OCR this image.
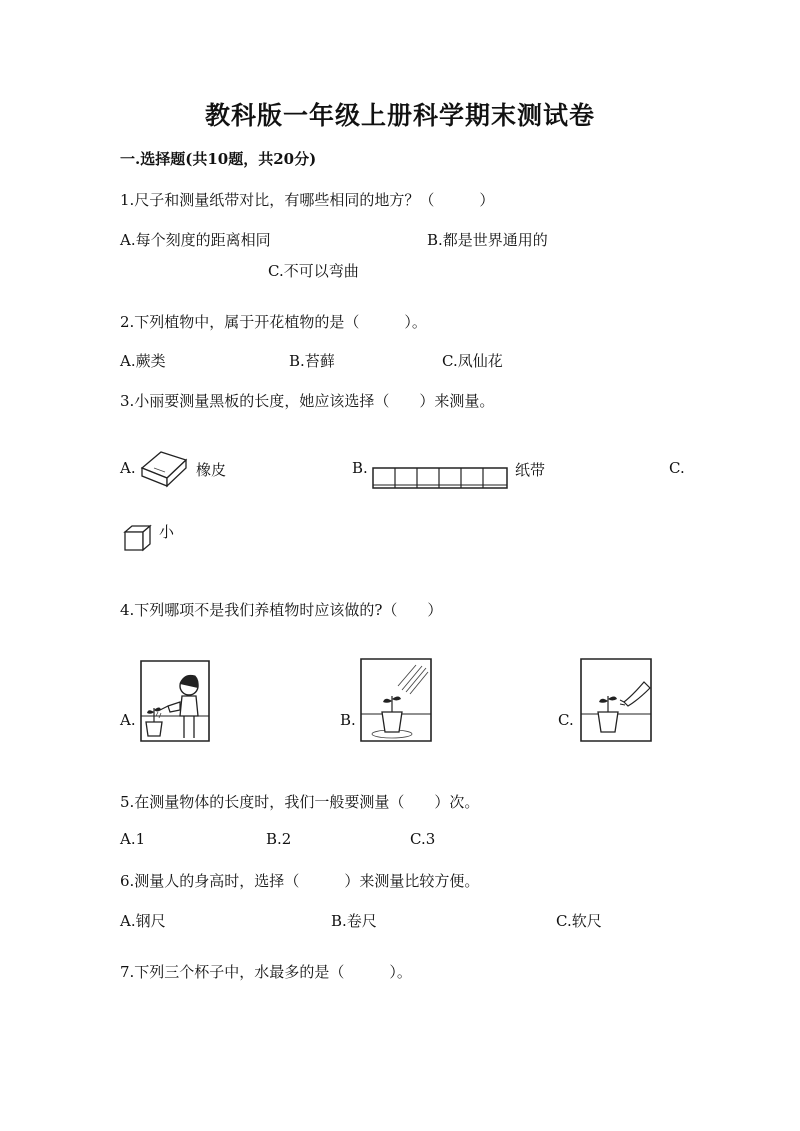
教科版一年级上册科学期末测试卷
一.选择题(共10题，共20分)
1.尺子和测量纸带对比，有哪些相同的地方？（　　　）
A.每个刻度的距离相同	B.都是世界通用的
C.不可以弯曲
2.下列植物中，属于开花植物的是（　　　）。
A.蕨类	B.苔藓	C.凤仙花
3.小丽要测量黑板的长度，她应该选择（　　）来测量。
A.	橡皮	B.	纸带	C.
小
4.下列哪项不是我们养植物时应该做的?（　　）
A.	B.	C.
5.在测量物体的长度时，我们一般要测量（　　）次。
A.1	B.2	C.3
6.测量人的身高时，选择（　　　）来测量比较方便。
A.钢尺	B.卷尺	C.软尺
7.下列三个杯子中，水最多的是（　　　）。
